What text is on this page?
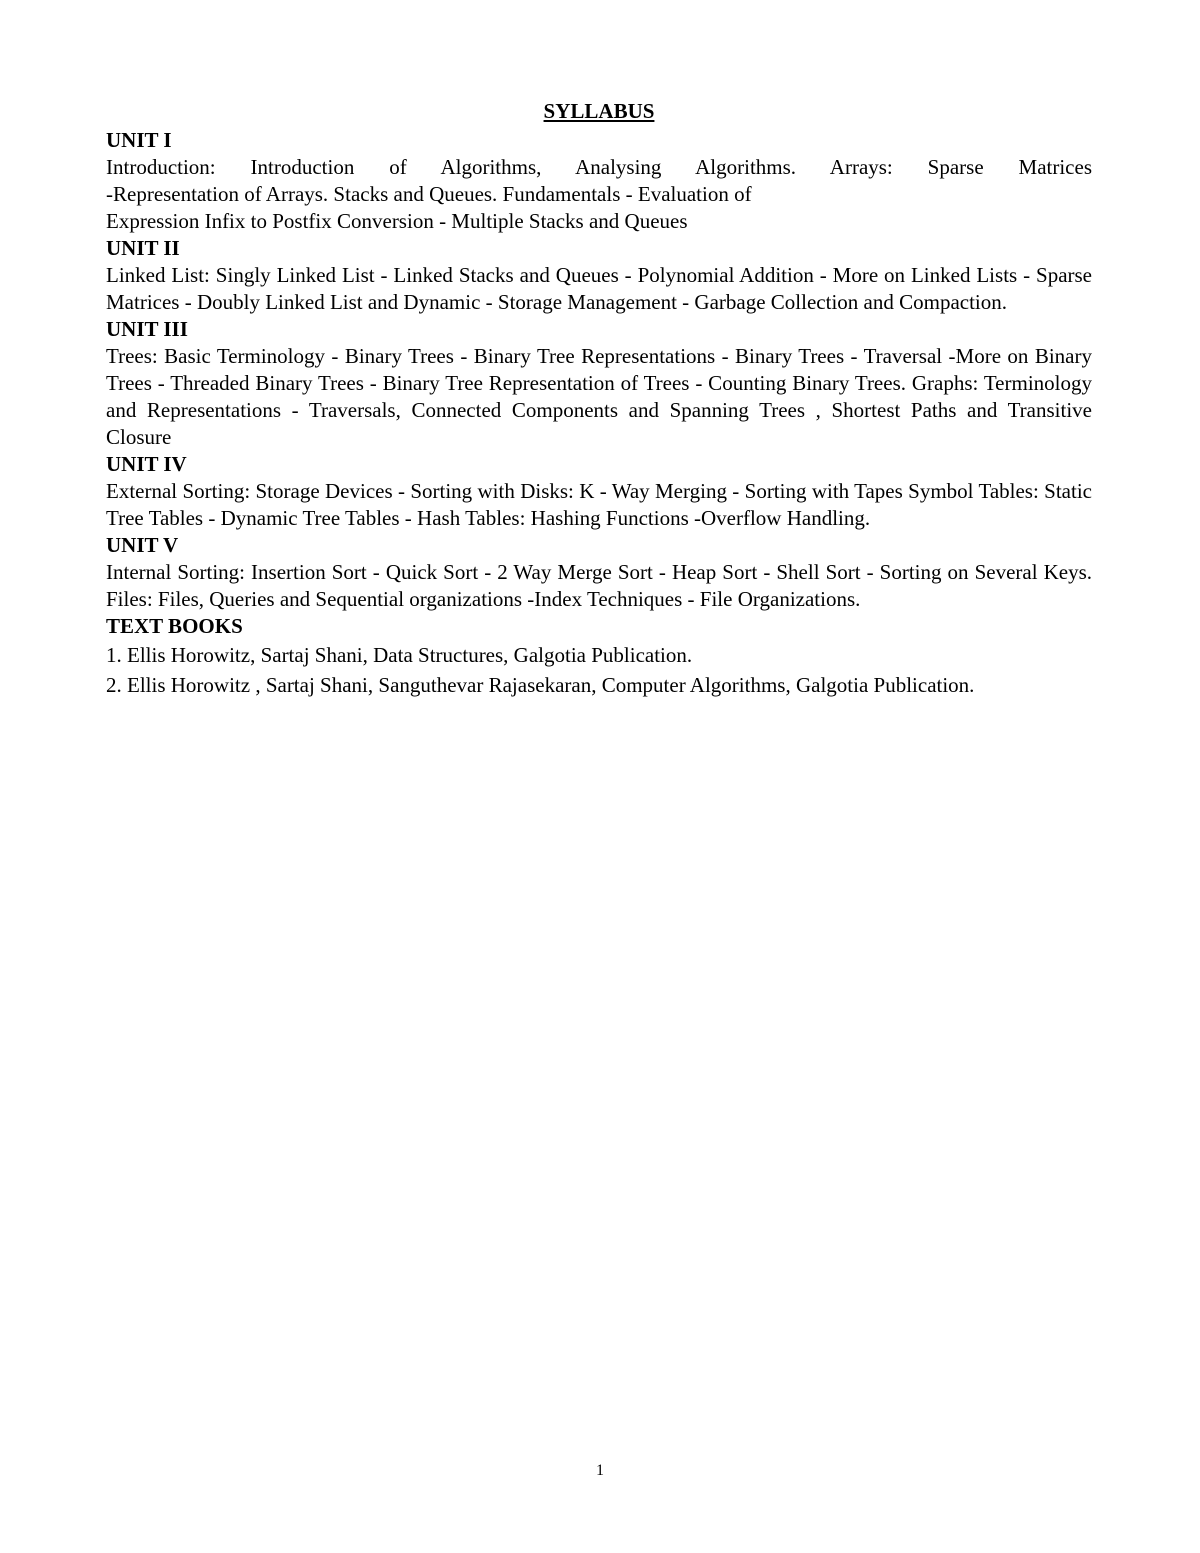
SYLLABUS
UNIT I
Introduction: Introduction of Algorithms, Analysing Algorithms. Arrays: Sparse Matrices
-Representation of Arrays. Stacks and Queues. Fundamentals - Evaluation of
Expression Infix to Postfix Conversion - Multiple Stacks and Queues
UNIT II
Linked List: Singly Linked List - Linked Stacks and Queues - Polynomial Addition - More on Linked Lists - Sparse Matrices - Doubly Linked List and Dynamic - Storage Management - Garbage Collection and Compaction.
UNIT III
Trees: Basic Terminology - Binary Trees - Binary Tree Representations - Binary Trees - Traversal -More on Binary Trees - Threaded Binary Trees - Binary Tree Representation of Trees - Counting Binary Trees. Graphs: Terminology and Representations - Traversals, Connected Components and Spanning Trees , Shortest Paths and Transitive Closure
UNIT IV
External Sorting: Storage Devices - Sorting with Disks: K - Way Merging - Sorting with Tapes Symbol Tables: Static Tree Tables - Dynamic Tree Tables - Hash Tables: Hashing Functions -Overflow Handling.
UNIT V
Internal Sorting: Insertion Sort - Quick Sort - 2 Way Merge Sort - Heap Sort - Shell Sort - Sorting on Several Keys. Files: Files, Queries and Sequential organizations -Index Techniques - File Organizations.
TEXT BOOKS
1. Ellis Horowitz, Sartaj Shani, Data Structures, Galgotia Publication.
2. Ellis Horowitz , Sartaj Shani, Sanguthevar Rajasekaran, Computer Algorithms, Galgotia Publication.
1
